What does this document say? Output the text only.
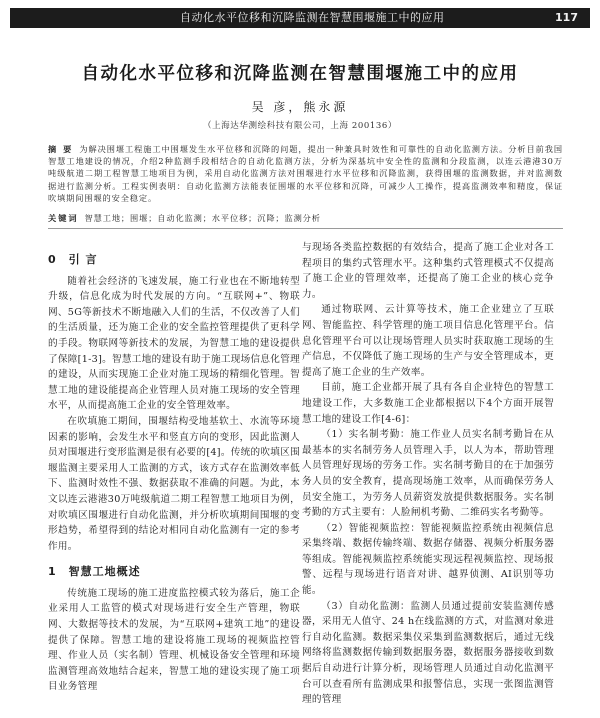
自动化水平位移和沉降监测在智慧围堰施工中的应用	117
自动化水平位移和沉降监测在智慧围堰施工中的应用
吴 彦，熊永源
（上海达华测绘科技有限公司，上海 200136）
摘 要 为解决围堰工程施工中围堰发生水平位移和沉降的问题，提出一种兼具时效性和可靠性的自动化监测方法。分析目前我国智慧工地建设的情况，介绍2种监测手段相结合的自动化监测方法，分析为深基坑中安全性的监测和分段监测，以连云港港30万吨级航道二期工程智慧工地项目为例，采用自动化监测方法对围堰进行水平位移和沉降监测，获得围堰的监测数据，并对监测数据进行监测分析。工程实例表明：自动化监测方法能表征围堰的水平位移和沉降，可减少人工操作，提高监测效率和精度，保证吹填期间围堰的安全稳定。
关键词 智慧工地；围堰；自动化监测；水平位移；沉降；监测分析
0 引 言

随着社会经济的飞速发展，施工行业也在不断地转型升级，信息化成为时代发展的方向。“互联网+”、物联网、5G等新技术不断地融入人们的生活，不仅改善了人们的生活质量，还为施工企业的安全监控管理提供了更科学的手段。物联网等新技术的发展，为智慧工地的建设提供了保障[1-3]。智慧工地的建设有助于施工现场信息化管理的建设，从而实现施工企业对施工现场的精细化管理。智慧工地的建设能提高企业管理人员对施工现场的安全管理水平，从而提高施工企业的安全管理效率。

在吹填施工期间，围堰结构受地基软土、水流等环境因素的影响，会发生水平和竖直方向的变形，因此监测人员对围堰进行变形监测是很有必要的[4]。传统的吹填区围堰监测主要采用人工监测的方式，该方式存在监测效率低下、监测时效性不强、数据获取不准确的问题。为此，本文以连云港港30万吨级航道二期工程智慧工地项目为例，对吹填区围堰进行自动化监测，并分析吹填期间围堰的变形趋势，希望得到的结论对相同自动化监测有一定的参考作用。

1 智慧工地概述

传统施工现场的施工进度监控模式较为落后，施工企业采用人工监管的模式对现场进行安全生产管理，物联网、大数据等技术的发展，为“互联网+建筑工地”的建设提供了保障。智慧工地的建设将施工现场的视频监控管理、作业人员（实名制）管理、机械设备安全管理和环境监测管理高效地结合起来，智慧工地的建设实现了施工项目业务管理

与现场各类监控数据的有效结合，提高了施工企业对各工程项目的集约式管理水平。这种集约式管理模式不仅提高了施工企业的管理效率，还提高了施工企业的核心竞争力。

通过物联网、云计算等技术，施工企业建立了互联网、智能监控、科学管理的施工项目信息化管理平台。信息化管理平台可以让现场管理人员实时获取施工现场的生产信息，不仅降低了施工现场的生产与安全管理成本，更提高了施工企业的生产效率。

目前，施工企业都开展了具有各自企业特色的智慧工地建设工作，大多数施工企业都根据以下4个方面开展智慧工地的建设工作[4-6]：

（1）实名制考勤：施工作业人员实名制考勤旨在从最基本的实名制劳务人员管理入手，以人为本，帮助管理人员管理好现场的劳务工作。实名制考勤目的在于加强劳务人员的安全教育，提高现场施工效率，从而确保劳务人员安全施工，为劳务人员薪资发放提供数据服务。实名制考勤的方式主要有：人脸闸机考勤、二维码实名考勤等。

（2）智能视频监控：智能视频监控系统由视频信息采集终端、数据传输终端、数据存储器、视频分析服务器等组成。智能视频监控系统能实现远程视频监控、现场报警、远程与现场进行语音对讲、越界侦测、AI识别等功能。

（3）自动化监测：监测人员通过提前安装监测传感器，采用无人值守、24 h在线监测的方式，对监测对象进行自动化监测。数据采集仪采集到监测数据后，通过无线网络将监测数据传输到数据服务器，数据服务器接收到数据后自动进行计算分析，现场管理人员通过自动化监测平台可以查看所有监测成果和报警信息，实现一张图监测管理的管理
